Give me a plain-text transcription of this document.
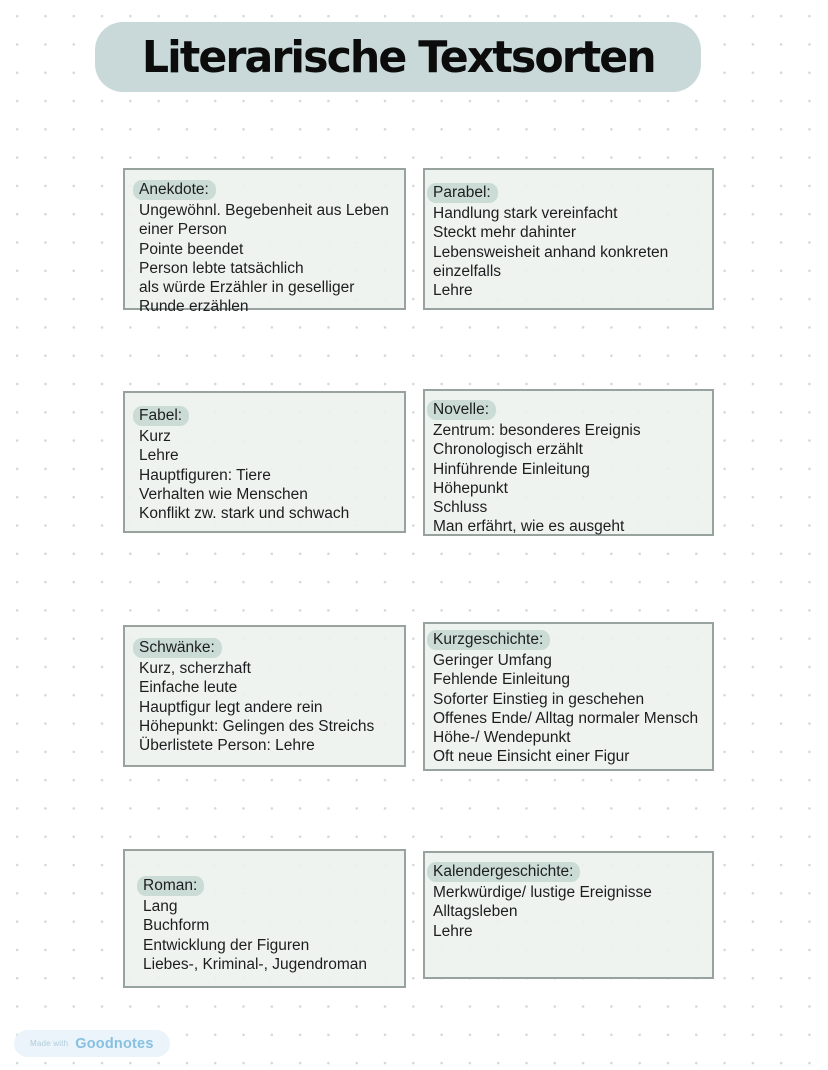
Literarische Textsorten
Anekdote:
Ungewöhnl. Begebenheit aus Leben
einer Person
Pointe beendet
Person lebte tatsächlich
als würde Erzähler in geselliger
Runde erzählen
Parabel:
Handlung stark vereinfacht
Steckt mehr dahinter
Lebensweisheit anhand konkreten
einzelfalls
Lehre
Fabel:
Kurz
Lehre
Hauptfiguren: Tiere
Verhalten wie Menschen
Konflikt zw. stark und schwach
Novelle:
Zentrum: besonderes Ereignis
Chronologisch erzählt
Hinführende Einleitung
Höhepunkt
Schluss
Man erfährt, wie es ausgeht
Schwänke:
Kurz, scherzhaft
Einfache leute
Hauptfigur legt andere rein
Höhepunkt: Gelingen des Streichs
Überlistete Person: Lehre
Kurzgeschichte:
Geringer Umfang
Fehlende Einleitung
Soforter Einstieg in geschehen
Offenes Ende/ Alltag normaler Mensch
Höhe-/ Wendepunkt
Oft neue Einsicht einer Figur
Roman:
Lang
Buchform
Entwicklung der Figuren
Liebes-, Kriminal-, Jugendroman
Kalendergeschichte:
Merkwürdige/ lustige Ereignisse
Alltagsleben
Lehre
Made with Goodnotes
